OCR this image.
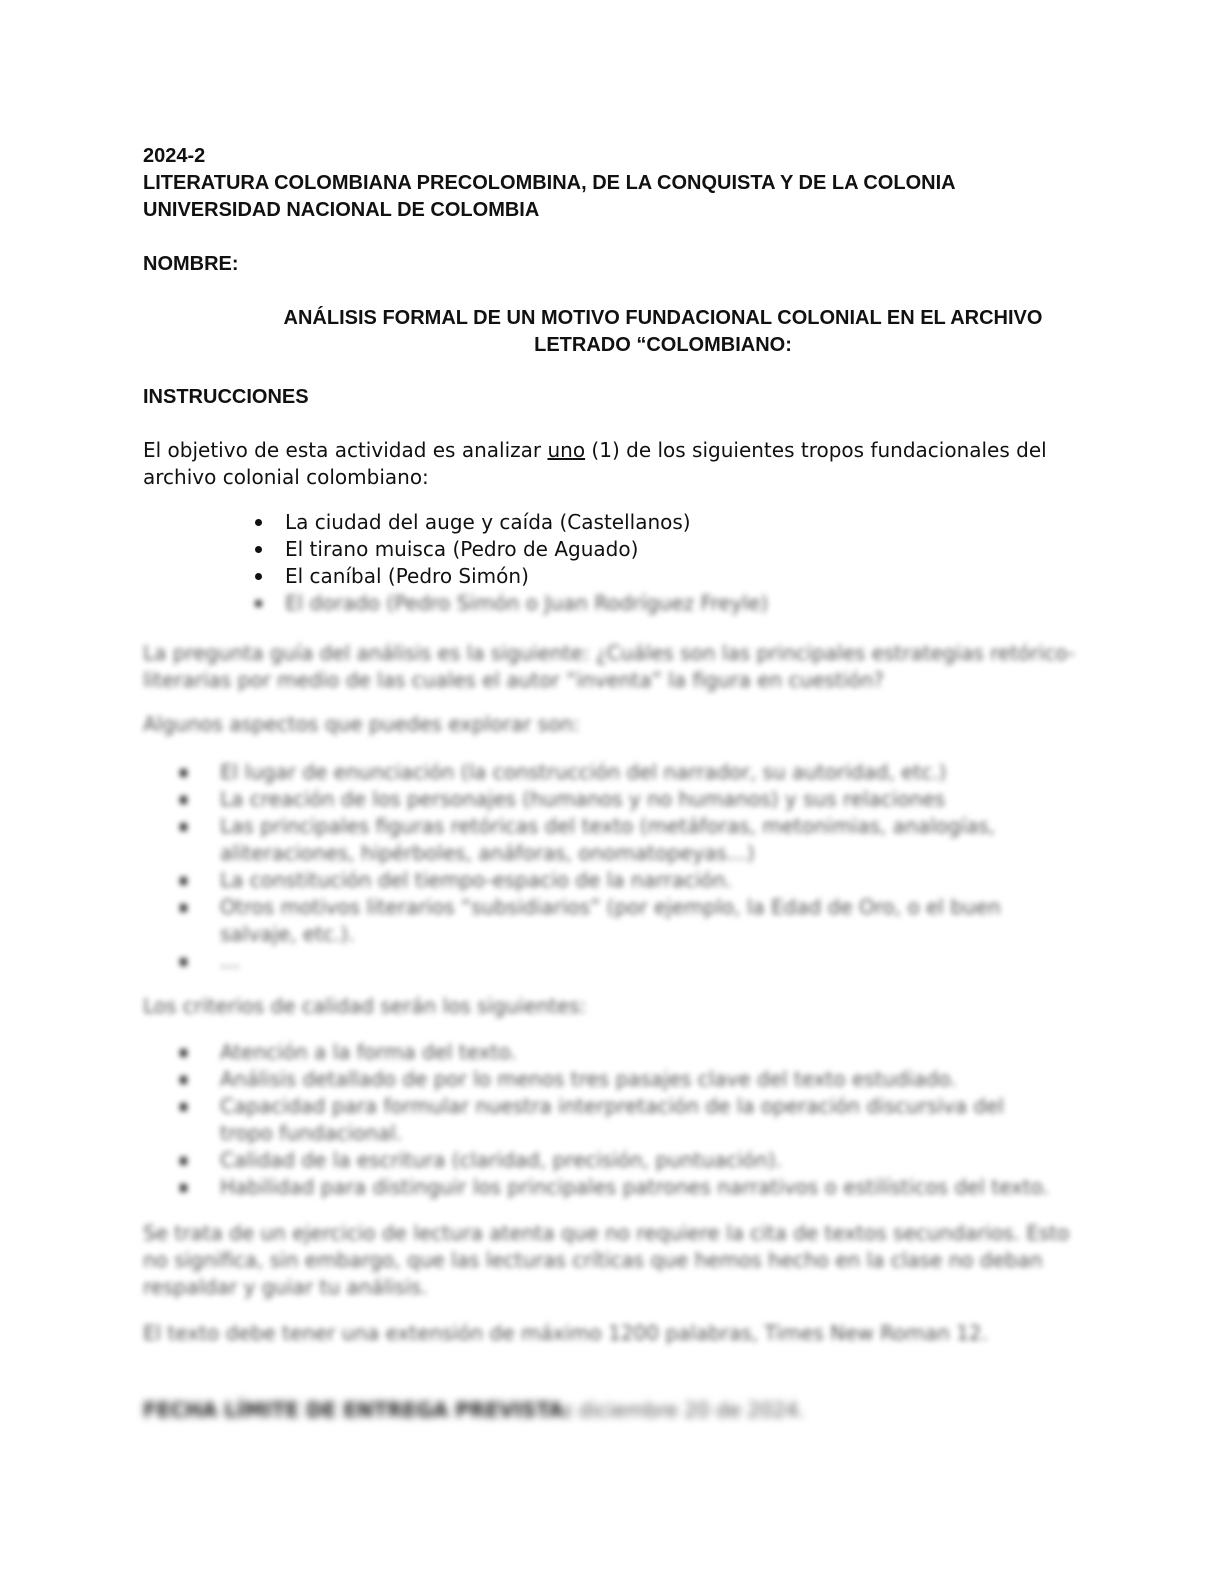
2024-2

LITERATURA COLOMBIANA PRECOLOMBINA, DE LA CONQUISTA Y DE LA COLONIA

UNIVERSIDAD NACIONAL DE COLOMBIA

NOMBRE:

ANÁLISIS FORMAL DE UN MOTIVO FUNDACIONAL COLONIAL EN EL ARCHIVO

LETRADO “COLOMBIANO:

INSTRUCCIONES

El objetivo de esta actividad es analizar uno (1) de los siguientes tropos fundacionales del archivo colonial colombiano:

La ciudad del auge y caída (Castellanos)
El tirano muisca (Pedro de Aguado)
El caníbal (Pedro Simón)
El dorado (Pedro Simón o Juan Rodríguez Freyle)

La pregunta guía del análisis es la siguiente: ¿Cuáles son las principales estrategias retórico-literarias por medio de las cuales el autor “inventa” la figura en cuestión?

Algunos aspectos que puedes explorar son:

El lugar de enunciación (la construcción del narrador, su autoridad, etc.)
La creación de los personajes (humanos y no humanos) y sus relaciones
Las principales figuras retóricas del texto (metáforas, metonimias, analogías, aliteraciones, hipérboles, anáforas, onomatopeyas…)
La constitución del tiempo-espacio de la narración.
Otros motivos literarios “subsidiarios” (por ejemplo, la Edad de Oro, o el buen salvaje, etc.).
…

Los criterios de calidad serán los siguientes:

Atención a la forma del texto.
Análisis detallado de por lo menos tres pasajes clave del texto estudiado.
Capacidad para formular nuestra interpretación de la operación discursiva del tropo fundacional.
Calidad de la escritura (claridad, precisión, puntuación).
Habilidad para distinguir los principales patrones narrativos o estilísticos del texto.

Se trata de un ejercicio de lectura atenta que no requiere la cita de textos secundarios. Esto no significa, sin embargo, que las lecturas críticas que hemos hecho en la clase no deban respaldar y guiar tu análisis.

El texto debe tener una extensión de máximo 1200 palabras, Times New Roman 12.

FECHA LÍMITE DE ENTREGA PREVISTA: diciembre 20 de 2024.
